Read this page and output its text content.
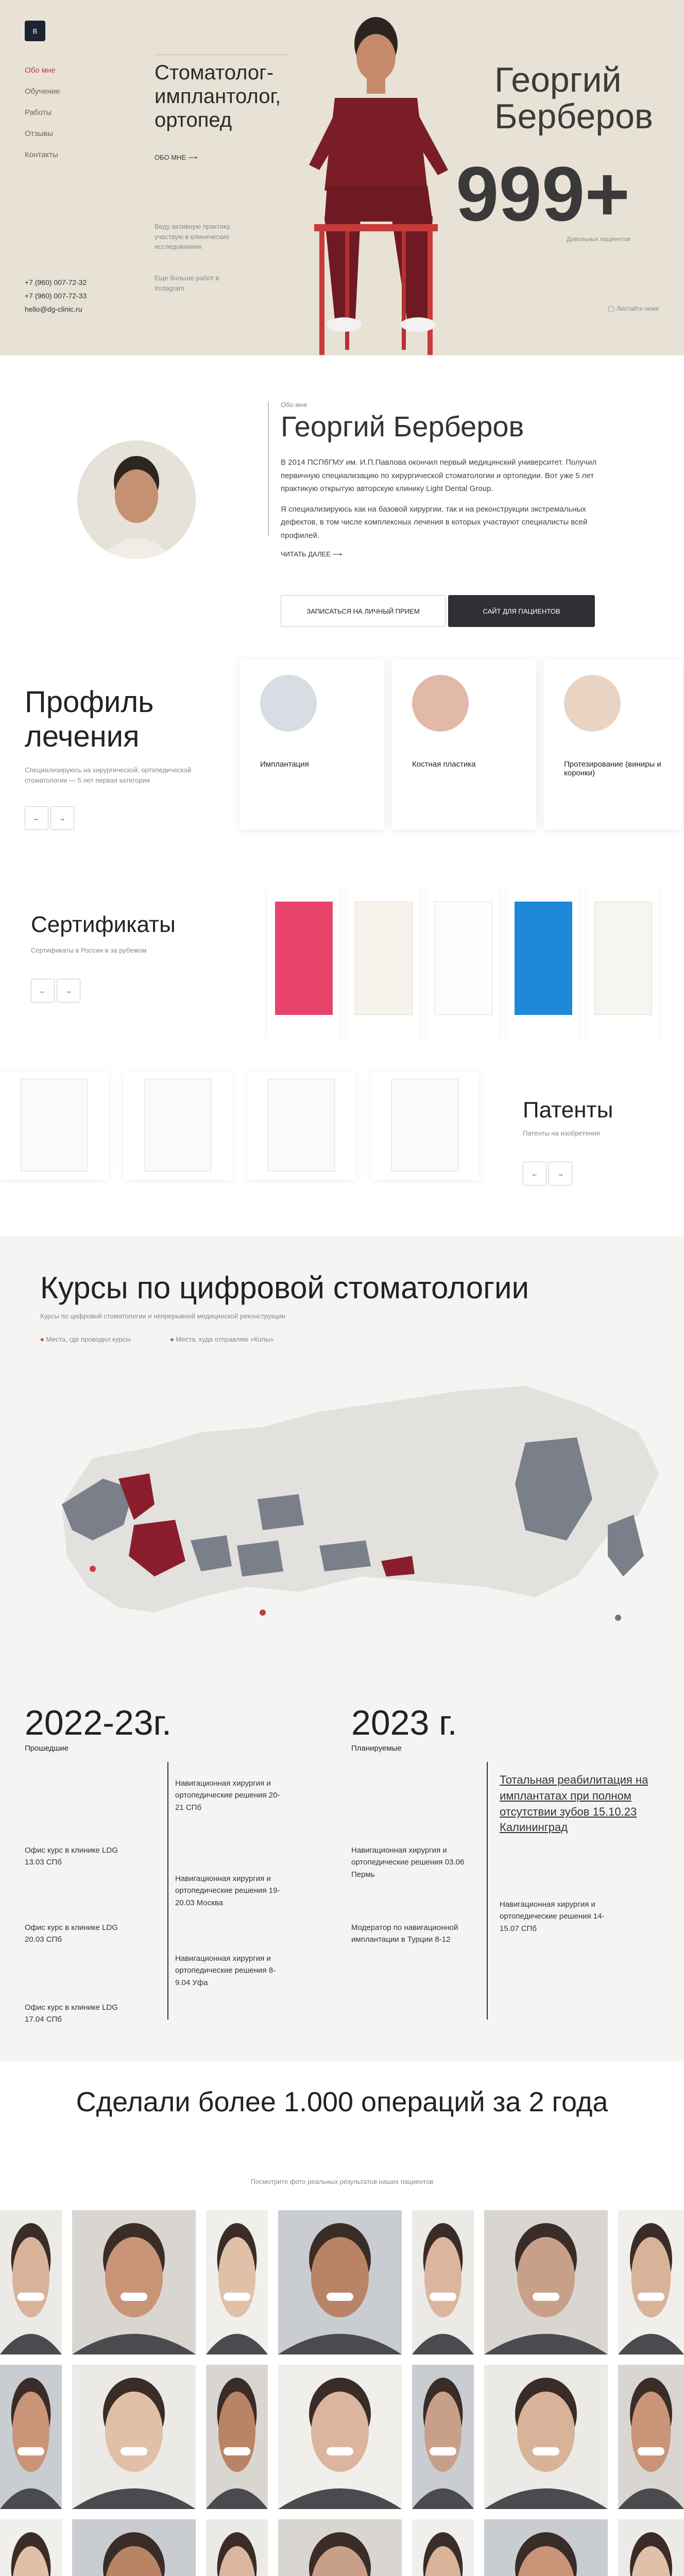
В
Обо мне
Обучение
Работы
Отзывы
Контакты
+7 (960) 007-72-32
+7 (960) 007-72-33
hello@dg-clinic.ru
Стоматолог-имплантолог, ортопед
ОБО МНЕ ⟶
Веду активную практику, участвую в клинических исследованиях
Еще больше работ в Instagram
Георгий
Берберов
999+
Довольных пациентов
◯ Листайте ниже
Обо мне
Георгий Берберов

В 2014 ПСПбГМУ им. И.П.Павлова окончил первый медицинский университет. Получил первичную специализацию по хирургической стоматологии и ортопедии. Вот уже 5 лет практикую открытую авторскую клинику Light Dental Group.

Я специализируюсь как на базовой хирургии, так и на реконструкции экстремальных дефектов, в том числе комплексных лечения в которых участвуют специалисты всей профилей.

ЧИТАТЬ ДАЛЕЕ ⟶
ЗАПИСАТЬСЯ НА ЛИЧНЫЙ ПРИЕМ	САЙТ ДЛЯ ПАЦИЕНТОВ
Профиль лечения
Специализируюсь на хирургической, ортопедической стоматологии — 5 лет первая категория
←	→
Имплантация	Костная пластика	Протезирование (виниры и коронки)
Сертификаты
Сертификаты в России и за рубежом
←	→
Патенты
Патенты на изобретения
←	→
Курсы по цифровой стоматологии
Курсы по цифровой стоматологии и непрерывной медицинской реконструкции
● Места, где проводил курсы	● Места, куда отправляю «Колы»
2022-23г.
Прошедшие
2023 г.
Планируемые
Навигационная хирургия и ортопедические решения 20-21 СПб
Навигационная хирургия и ортопедические решения 19-20.03 Москва
Навигационная хирургия и ортопедические решения 8-9.04 Уфа
Офис курс в клинике LDG 13.03 СПб
Офис курс в клинике LDG 20.03 СПб
Офис курс в клинике LDG 17.04 СПб
Навигационная хирургия и ортопедические решения 03.06 Пермь
Модератор по навигационной имплантации в Турции 8-12
Тотальная реабилитация на имплантатах при полном отсутствии зубов 15.10.23 Калининград
Навигационная хирургия и ортопедические решения 14-15.07 СПб
Сделали более 1.000 операций за 2 года
Посмотрите фото реальных результатов наших пациентов
